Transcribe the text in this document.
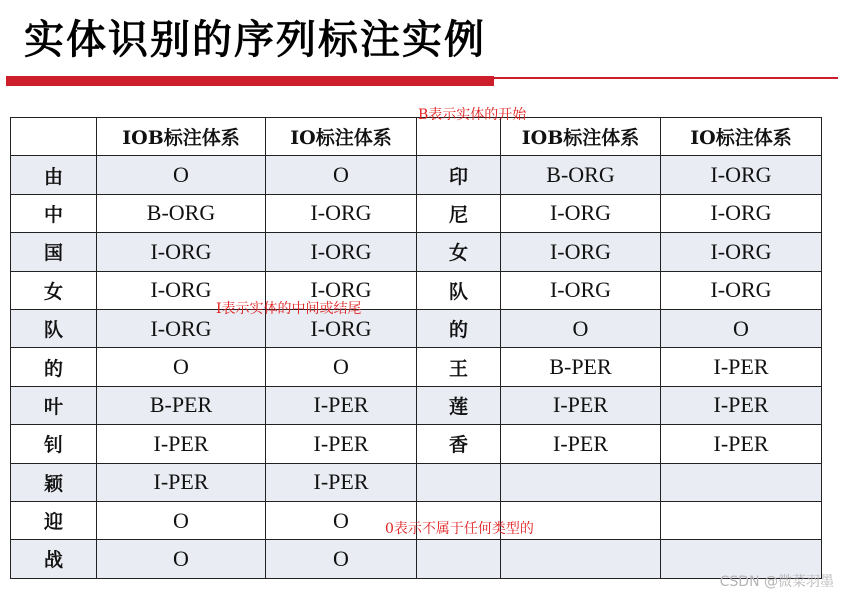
实体识别的序列标注实例
	IOB标注体系	IO标注体系		IOB标注体系	IO标注体系
由	O	O	印	B-ORG	I-ORG
中	B-ORG	I-ORG	尼	I-ORG	I-ORG
国	I-ORG	I-ORG	女	I-ORG	I-ORG
女	I-ORG	I-ORG	队	I-ORG	I-ORG
队	I-ORG	I-ORG	的	O	O
的	O	O	王	B-PER	I-PER
叶	B-PER	I-PER	莲	I-PER	I-PER
钊	I-PER	I-PER	香	I-PER	I-PER
颖	I-PER	I-PER			
迎	O	O			
战	O	O			
B表示实体的开始
I表示实体的中间或结尾
0表示不属于任何类型的
CSDN @微菜羽墨
